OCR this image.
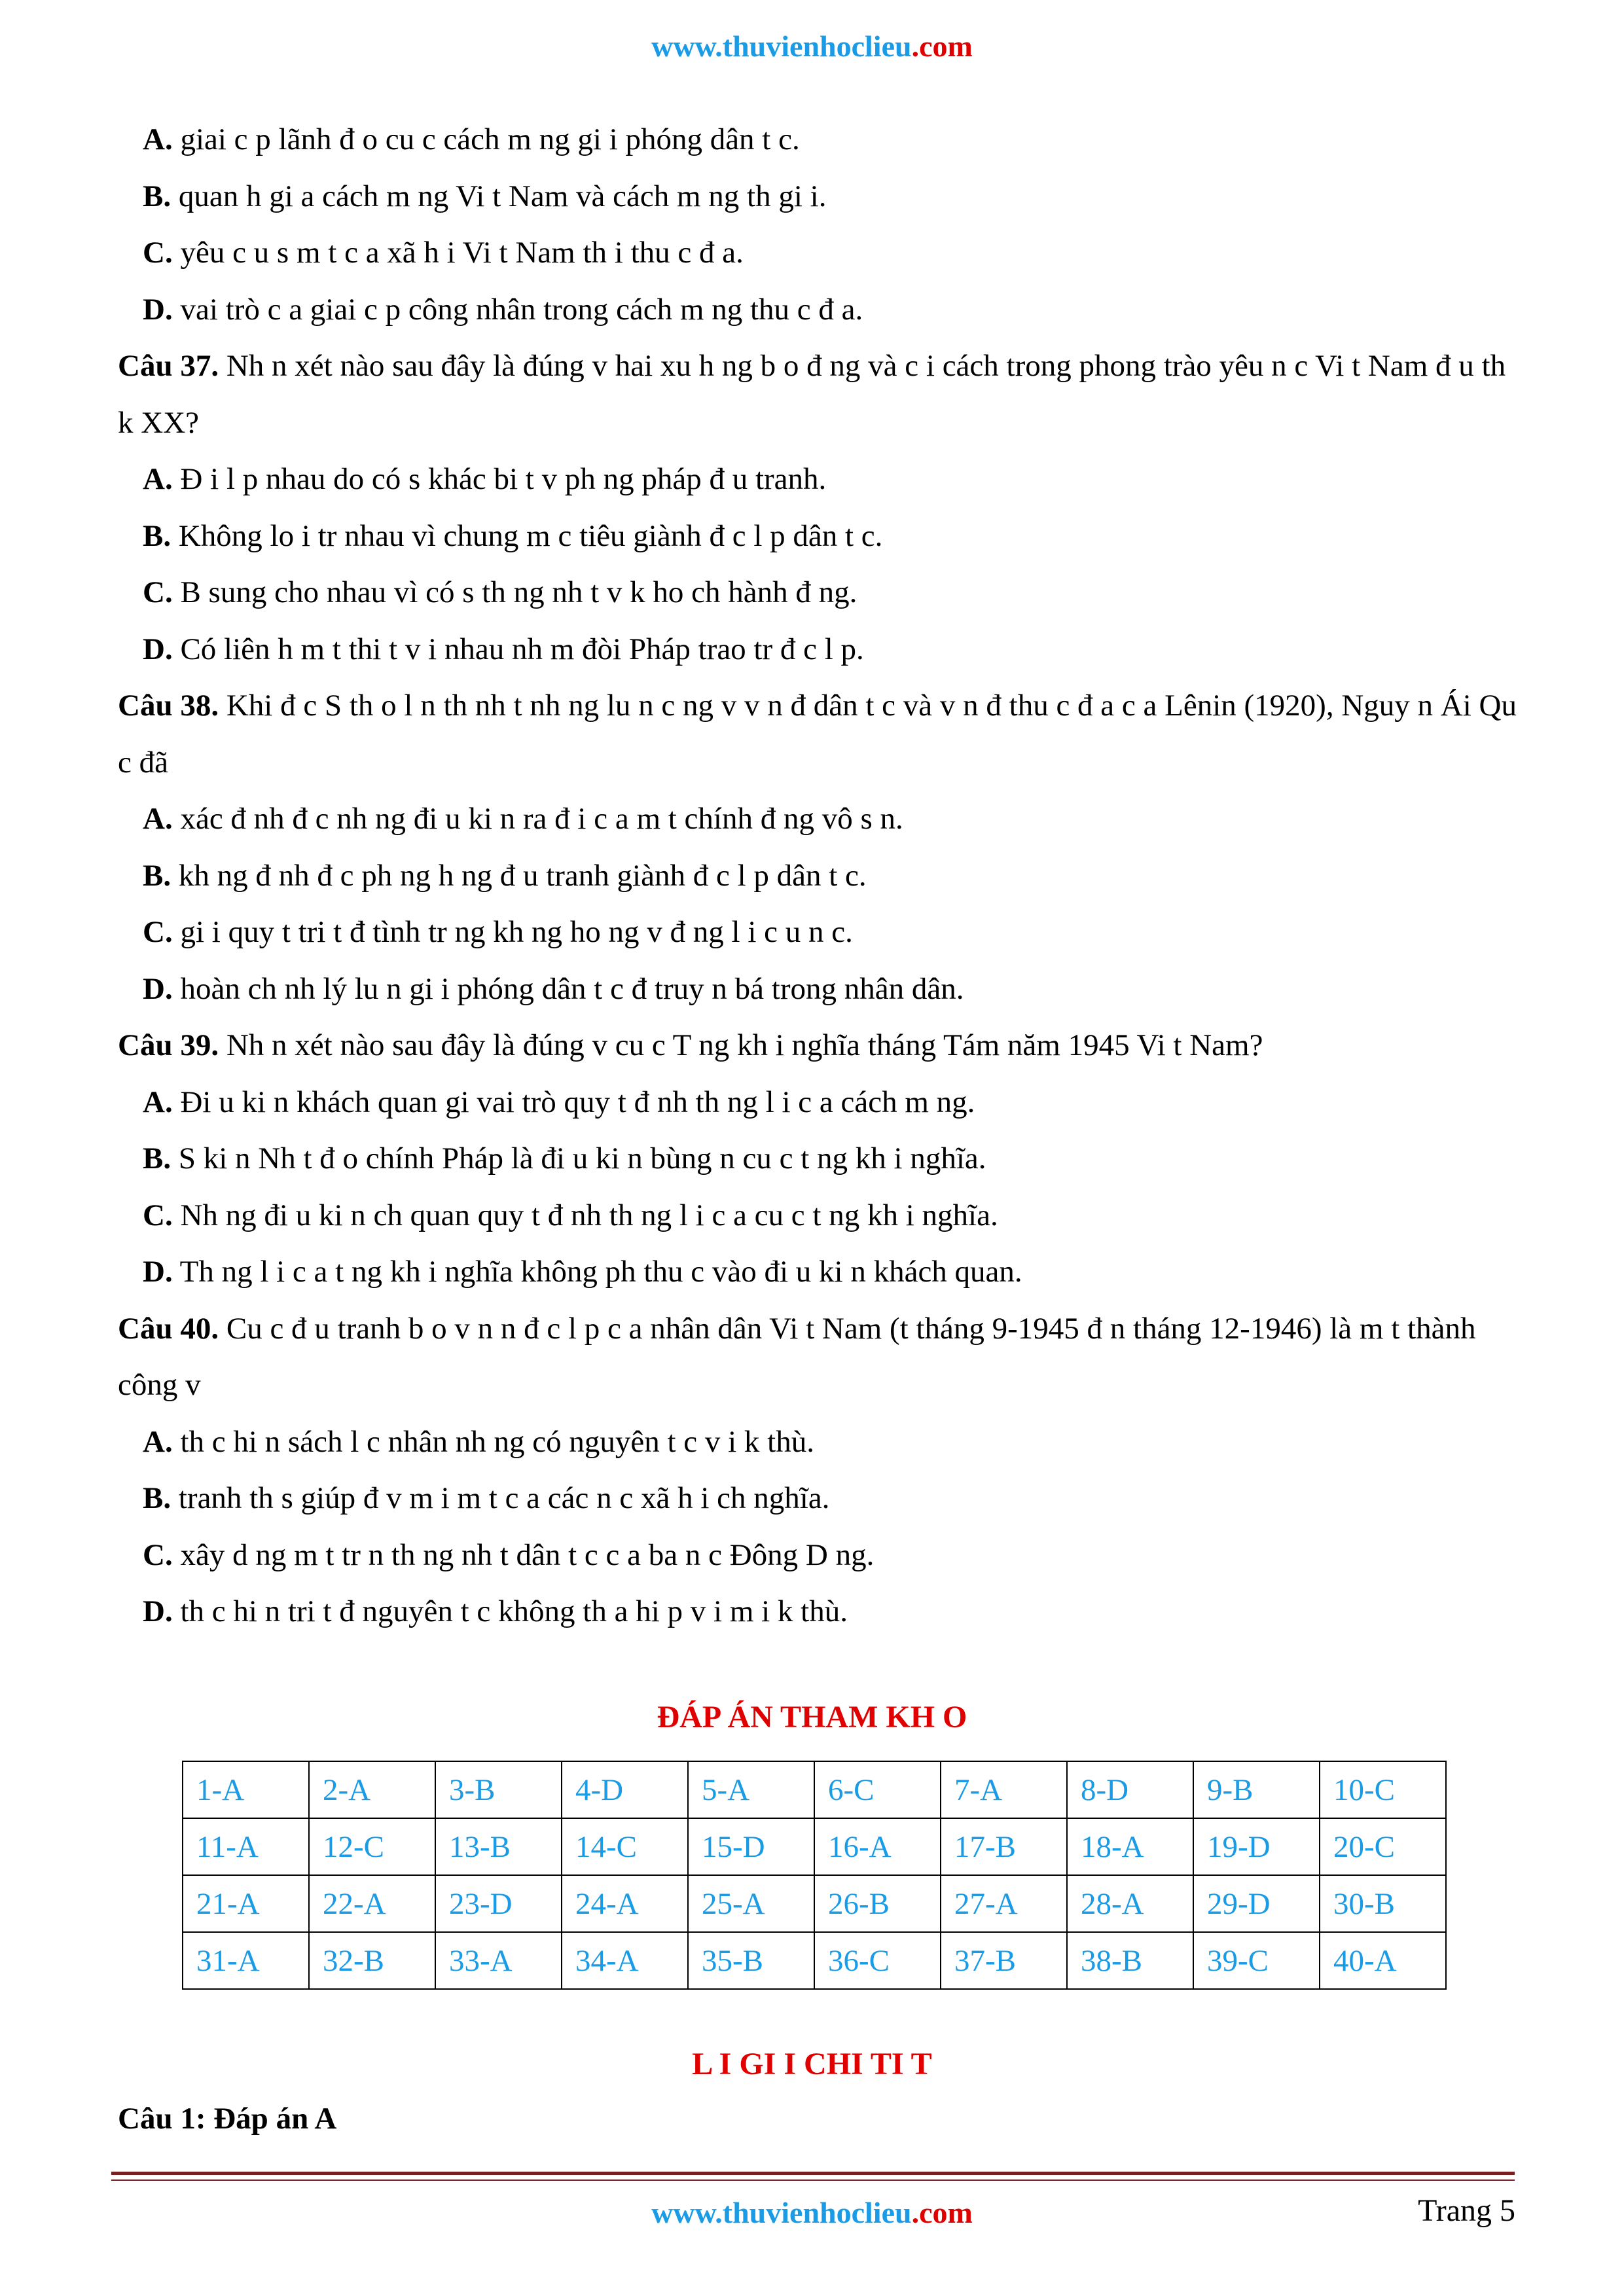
www.thuvienhoclieu.com

A. giai c p lãnh đ o cu c cách m ng gi i phóng dân t c.

B. quan h gi a cách m ng Vi t Nam và cách m ng th gi i.

C. yêu c u s m t c a xã h i Vi t Nam th i thu c đ a.

D. vai trò c a giai c p công nhân trong cách m ng thu c đ a.

Câu 37. Nh n xét nào sau đây là đúng v hai xu h ng b o đ ng và c i cách trong phong trào yêu n c Vi t Nam đ u th k XX?

A. Đ i l p nhau do có s khác bi t v ph ng pháp đ u tranh.

B. Không lo i tr nhau vì chung m c tiêu giành đ c l p dân t c.

C. B sung cho nhau vì có s th ng nh t v k ho ch hành đ ng.

D. Có liên h m t thi t v i nhau nh m đòi Pháp trao tr đ c l p.

Câu 38. Khi đ c S th o l n th nh t nh ng lu n c ng v v n đ dân t c và v n đ thu c đ a c a Lênin (1920), Nguy n Ái Qu c đã

A. xác đ nh đ c nh ng đi u ki n ra đ i c a m t chính đ ng vô s n.

B. kh ng đ nh đ c ph ng h ng đ u tranh giành đ c l p dân t c.

C. gi i quy t tri t đ tình tr ng kh ng ho ng v đ ng l i c u n c.

D. hoàn ch nh lý lu n gi i phóng dân t c đ truy n bá trong nhân dân.

Câu 39. Nh n xét nào sau đây là đúng v cu c T ng kh i nghĩa tháng Tám năm 1945 Vi t Nam?

A. Đi u ki n khách quan gi vai trò quy t đ nh th ng l i c a cách m ng.

B. S ki n Nh t đ o chính Pháp là đi u ki n bùng n cu c t ng kh i nghĩa.

C. Nh ng đi u ki n ch quan quy t đ nh th ng l i c a cu c t ng kh i nghĩa.

D. Th ng l i c a t ng kh i nghĩa không ph thu c vào đi u ki n khách quan.

Câu 40. Cu c đ u tranh b o v n n đ c l p c a nhân dân Vi t Nam (t tháng 9-1945 đ n tháng 12-1946) là m t thành công v

A. th c hi n sách l c nhân nh ng có nguyên t c v i k thù.

B. tranh th s giúp đ v m i m t c a các n c xã h i ch nghĩa.

C. xây d ng m t tr n th ng nh t dân t c c a ba n c Đông D ng.

D. th c hi n tri t đ nguyên t c không th a hi p v i m i k thù.

ĐÁP ÁN THAM KH O
1-A	2-A	3-B	4-D	5-A	6-C	7-A	8-D	9-B	10-C
11-A	12-C	13-B	14-C	15-D	16-A	17-B	18-A	19-D	20-C
21-A	22-A	23-D	24-A	25-A	26-B	27-A	28-A	29-D	30-B
31-A	32-B	33-A	34-A	35-B	36-C	37-B	38-B	39-C	40-A
L I GI I CHI TI T
Câu 1: Đáp án A
www.thuvienhoclieu.com	Trang 5
